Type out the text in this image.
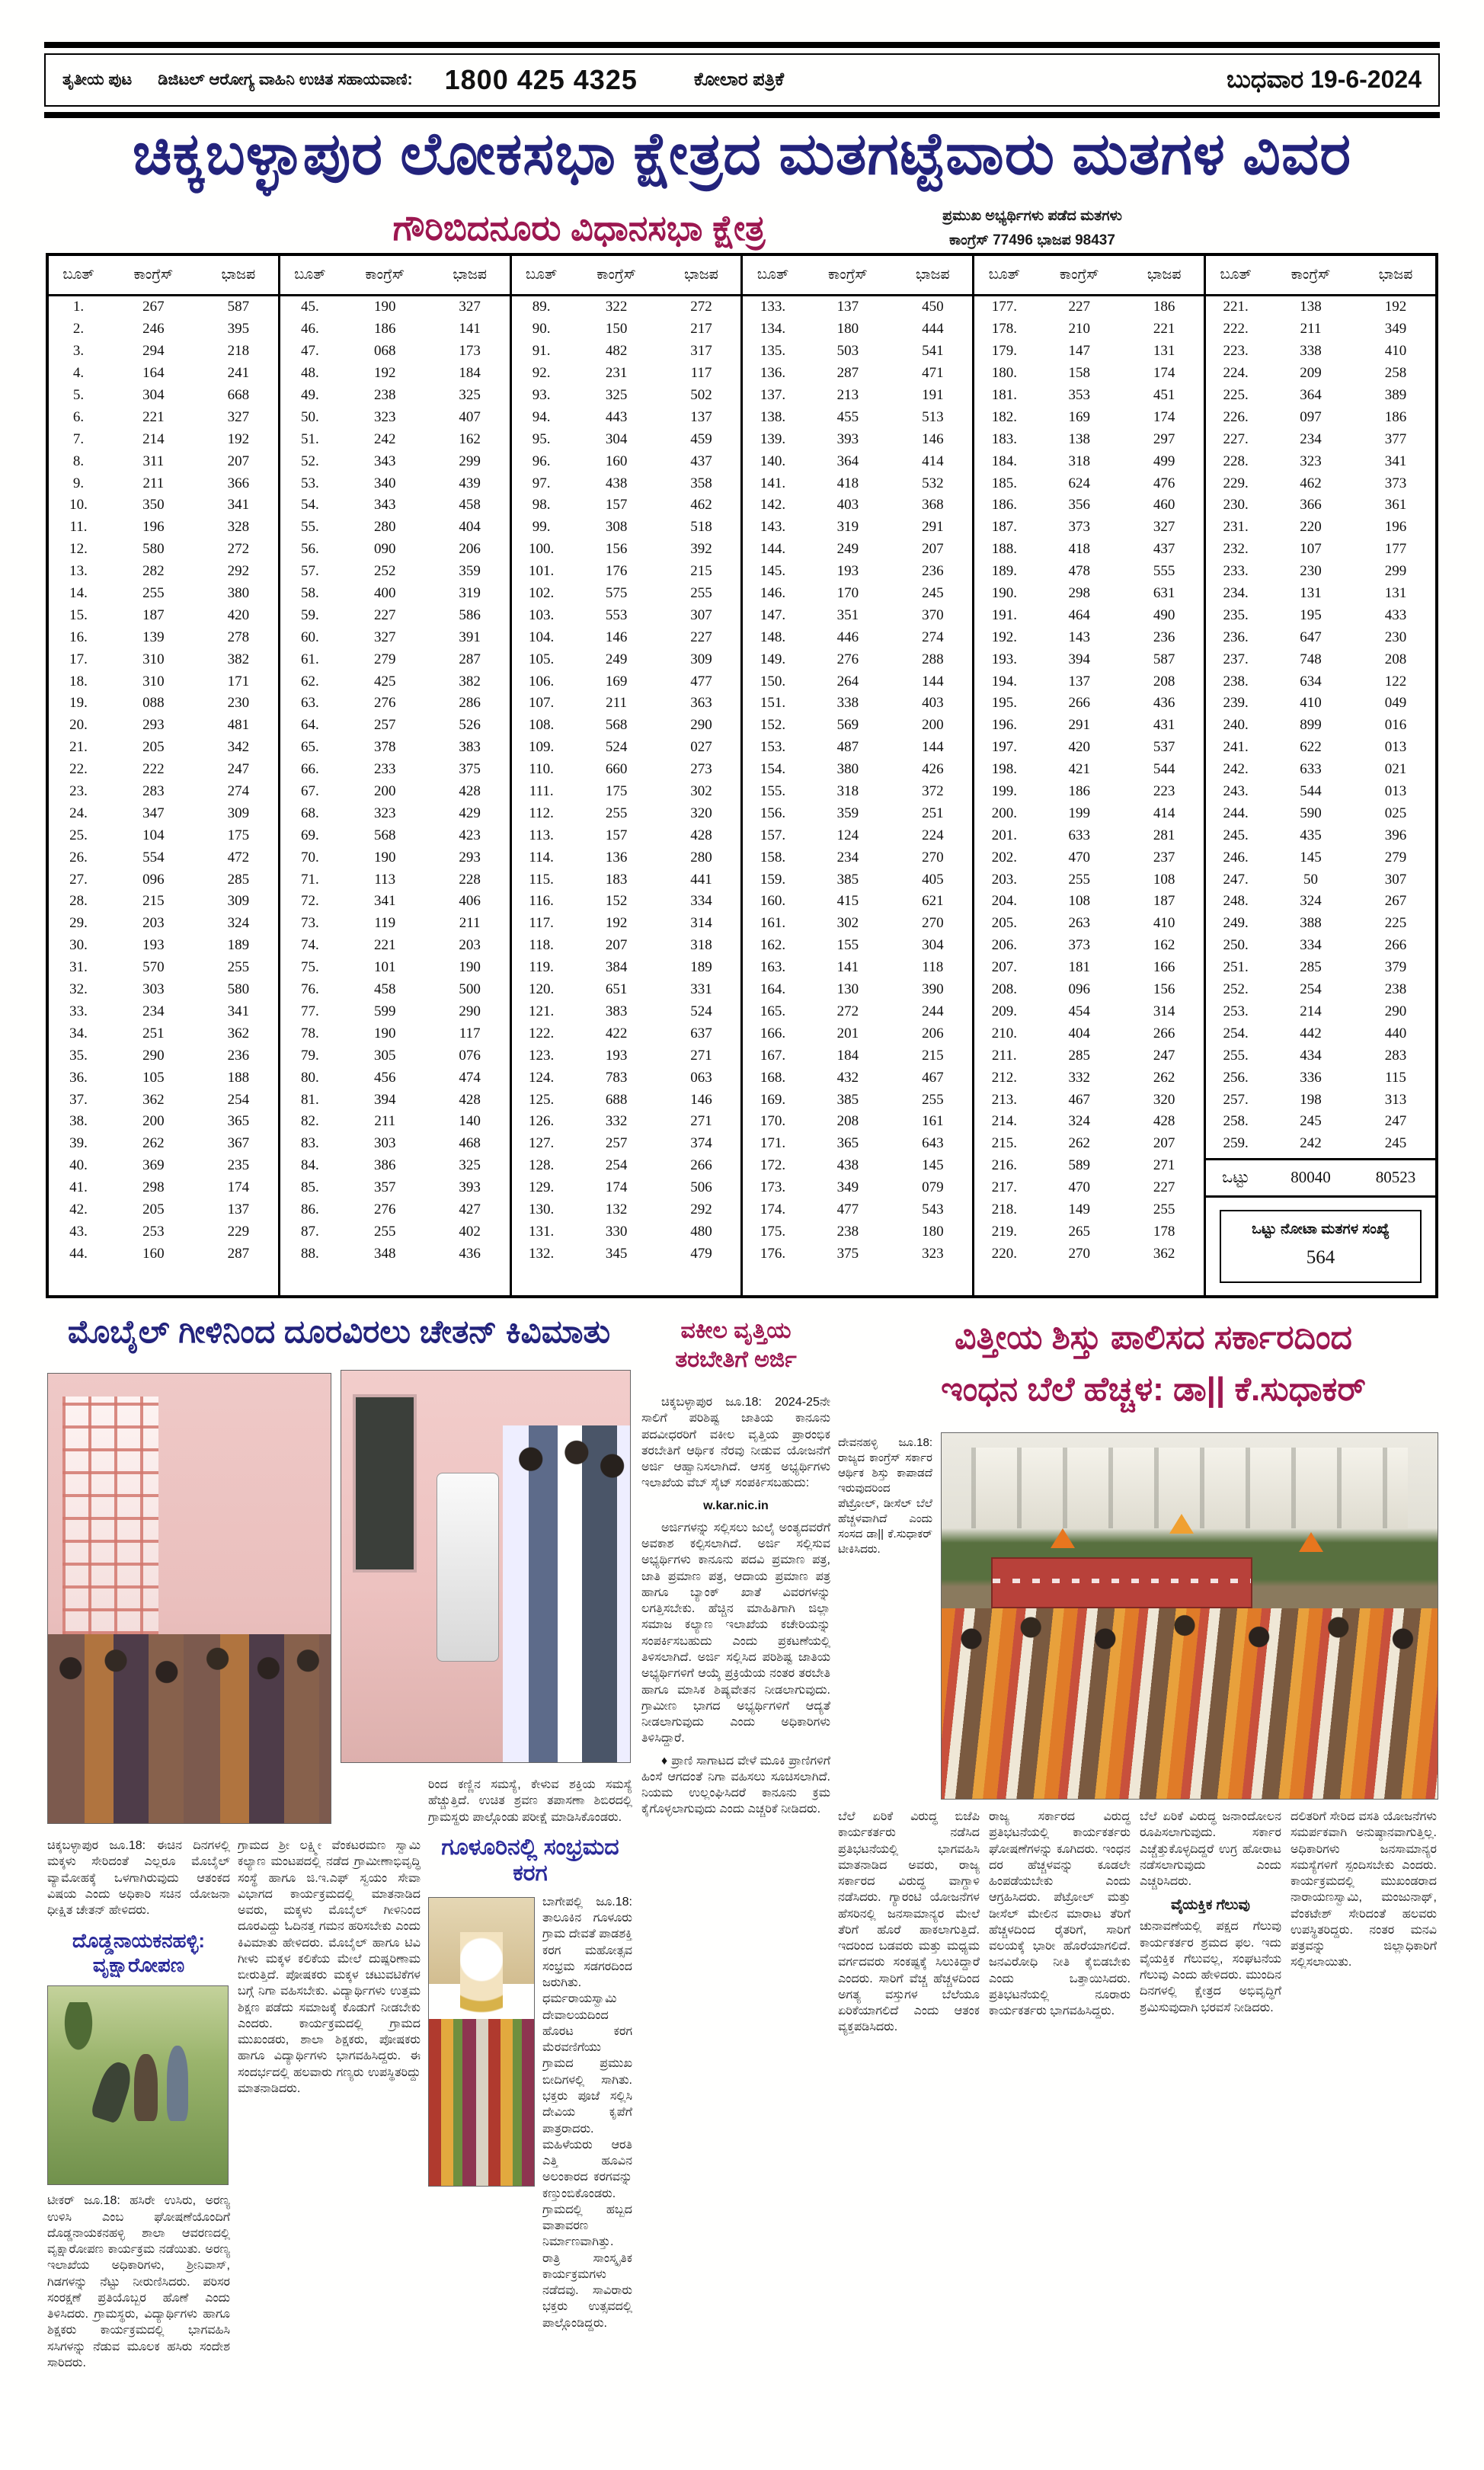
ತೃತೀಯ ಪುಟ ಡಿಜಿಟಲ್ ಆರೋಗ್ಯ ವಾಹಿನಿ ಉಚಿತ ಸಹಾಯವಾಣಿ: 1800 425 4325	ಕೋಲಾರ ಪತ್ರಿಕೆ	ಬುಧವಾರ 19-6-2024
ಚಿಕ್ಕಬಳ್ಳಾಪುರ ಲೋಕಸಭಾ ಕ್ಷೇತ್ರದ ಮತಗಟ್ಟೆವಾರು ಮತಗಳ ವಿವರ
ಗೌರಿಬಿದನೂರು ವಿಧಾನಸಭಾ ಕ್ಷೇತ್ರ	ಪ್ರಮುಖ ಅಭ್ಯರ್ಥಿಗಳು ಪಡೆದ ಮತಗಳು
ಕಾಂಗ್ರೆಸ್ 77496 ಭಾಜಪ 98437
ಬೂತ್	ಕಾಂಗ್ರೆಸ್	ಭಾಜಪ
1.	267	587
2.	246	395
3.	294	218
4.	164	241
5.	304	668
6.	221	327
7.	214	192
8.	311	207
9.	211	366
10.	350	341
11.	196	328
12.	580	272
13.	282	292
14.	255	380
15.	187	420
16.	139	278
17.	310	382
18.	310	171
19.	088	230
20.	293	481
21.	205	342
22.	222	247
23.	283	274
24.	347	309
25.	104	175
26.	554	472
27.	096	285
28.	215	309
29.	203	324
30.	193	189
31.	570	255
32.	303	580
33.	234	341
34.	251	362
35.	290	236
36.	105	188
37.	362	254
38.	200	365
39.	262	367
40.	369	235
41.	298	174
42.	205	137
43.	253	229
44.	160	287
ಬೂತ್	ಕಾಂಗ್ರೆಸ್	ಭಾಜಪ
45.	190	327
46.	186	141
47.	068	173
48.	192	184
49.	238	325
50.	323	407
51.	242	162
52.	343	299
53.	340	439
54.	343	458
55.	280	404
56.	090	206
57.	252	359
58.	400	319
59.	227	586
60.	327	391
61.	279	287
62.	425	382
63.	276	286
64.	257	526
65.	378	383
66.	233	375
67.	200	428
68.	323	429
69.	568	423
70.	190	293
71.	113	228
72.	341	406
73.	119	211
74.	221	203
75.	101	190
76.	458	500
77.	599	290
78.	190	117
79.	305	076
80.	456	474
81.	394	428
82.	211	140
83.	303	468
84.	386	325
85.	357	393
86.	276	427
87.	255	402
88.	348	436
ಬೂತ್	ಕಾಂಗ್ರೆಸ್	ಭಾಜಪ
89.	322	272
90.	150	217
91.	482	317
92.	231	117
93.	325	502
94.	443	137
95.	304	459
96.	160	437
97.	438	358
98.	157	462
99.	308	518
100.	156	392
101.	176	215
102.	575	255
103.	553	307
104.	146	227
105.	249	309
106.	169	477
107.	211	363
108.	568	290
109.	524	027
110.	660	273
111.	175	302
112.	255	320
113.	157	428
114.	136	280
115.	183	441
116.	152	334
117.	192	314
118.	207	318
119.	384	189
120.	651	331
121.	383	524
122.	422	637
123.	193	271
124.	783	063
125.	688	146
126.	332	271
127.	257	374
128.	254	266
129.	174	506
130.	132	292
131.	330	480
132.	345	479
ಬೂತ್	ಕಾಂಗ್ರೆಸ್	ಭಾಜಪ
133.	137	450
134.	180	444
135.	503	541
136.	287	471
137.	213	191
138.	455	513
139.	393	146
140.	364	414
141.	418	532
142.	403	368
143.	319	291
144.	249	207
145.	193	236
146.	170	245
147.	351	370
148.	446	274
149.	276	288
150.	264	144
151.	338	403
152.	569	200
153.	487	144
154.	380	426
155.	318	372
156.	359	251
157.	124	224
158.	234	270
159.	385	405
160.	415	621
161.	302	270
162.	155	304
163.	141	118
164.	130	390
165.	272	244
166.	201	206
167.	184	215
168.	432	467
169.	385	255
170.	208	161
171.	365	643
172.	438	145
173.	349	079
174.	477	543
175.	238	180
176.	375	323
ಬೂತ್	ಕಾಂಗ್ರೆಸ್	ಭಾಜಪ
177.	227	186
178.	210	221
179.	147	131
180.	158	174
181.	353	451
182.	169	174
183.	138	297
184.	318	499
185.	624	476
186.	356	460
187.	373	327
188.	418	437
189.	478	555
190.	298	631
191.	464	490
192.	143	236
193.	394	587
194.	137	208
195.	266	436
196.	291	431
197.	420	537
198.	421	544
199.	186	223
200.	199	414
201.	633	281
202.	470	237
203.	255	108
204.	108	187
205.	263	410
206.	373	162
207.	181	166
208.	096	156
209.	454	314
210.	404	266
211.	285	247
212.	332	262
213.	467	320
214.	324	428
215.	262	207
216.	589	271
217.	470	227
218.	149	255
219.	265	178
220.	270	362
ಬೂತ್	ಕಾಂಗ್ರೆಸ್	ಭಾಜಪ
221.	138	192
222.	211	349
223.	338	410
224.	209	258
225.	364	389
226.	097	186
227.	234	377
228.	323	341
229.	462	373
230.	366	361
231.	220	196
232.	107	177
233.	230	299
234.	131	131
235.	195	433
236.	647	230
237.	748	208
238.	634	122
239.	410	049
240.	899	016
241.	622	013
242.	633	021
243.	544	013
244.	590	025
245.	435	396
246.	145	279
247.	50	307
248.	324	267
249.	388	225
250.	334	266
251.	285	379
252.	254	238
253.	214	290
254.	442	440
255.	434	283
256.	336	115
257.	198	313
258.	245	247
259.	242	245
ಒಟ್ಟು	80040	80523
ಒಟ್ಟು ನೋಟಾ ಮತಗಳ ಸಂಖ್ಯೆ
564
ಮೊಬೈಲ್ ಗೀಳಿನಿಂದ ದೂರವಿರಲು ಚೇತನ್ ಕಿವಿಮಾತು
ಚಿಕ್ಕಬಳ್ಳಾಪುರ ಜೂ.18: ಈಚಿನ ದಿನಗಳಲ್ಲಿ ಮಕ್ಕಳು ಸೇರಿದಂತೆ ಎಲ್ಲರೂ ಮೊಬೈಲ್ ವ್ಯಾಮೋಹಕ್ಕೆ ಒಳಗಾಗಿರುವುದು ಆತಂಕದ ವಿಷಯ ಎಂದು ಅಧಿಕಾರಿ ಸಚಿನ ಯೋಜನಾ ಧೀಕ್ಷಿತ ಚೇತನ್ ಹೇಳಿದರು.
ದೊಡ್ಡನಾಯಕನಹಳ್ಳಿ: ವೃಕ್ಷಾರೋಪಣ
ಟೀಕರ್ ಜೂ.18: ಹಸಿರೇ ಉಸಿರು, ಅರಣ್ಯ ಉಳಿಸಿ ಎಂಬ ಘೋಷಣೆಯೊಂದಿಗೆ ದೊಡ್ಡನಾಯಕನಹಳ್ಳಿ ಶಾಲಾ ಆವರಣದಲ್ಲಿ ವೃಕ್ಷಾರೋಪಣ ಕಾರ್ಯಕ್ರಮ ನಡೆಯಿತು. ಅರಣ್ಯ ಇಲಾಖೆಯ ಅಧಿಕಾರಿಗಳು, ಶ್ರೀನಿವಾಸ್, ಗಿಡಗಳನ್ನು ನೆಟ್ಟು ನೀರುಣಿಸಿದರು. ಪರಿಸರ ಸಂರಕ್ಷಣೆ ಪ್ರತಿಯೊಬ್ಬರ ಹೊಣೆ ಎಂದು ತಿಳಿಸಿದರು. ಗ್ರಾಮಸ್ಥರು, ವಿದ್ಯಾರ್ಥಿಗಳು ಹಾಗೂ ಶಿಕ್ಷಕರು ಕಾರ್ಯಕ್ರಮದಲ್ಲಿ ಭಾಗವಹಿಸಿ ಸಸಿಗಳನ್ನು ನೆಡುವ ಮೂಲಕ ಹಸಿರು ಸಂದೇಶ ಸಾರಿದರು.
ಗ್ರಾಮದ ಶ್ರೀ ಲಕ್ಷ್ಮೀ ವೆಂಕಟರಮಣ ಸ್ವಾಮಿ ಕಲ್ಯಾಣ ಮಂಟಪದಲ್ಲಿ ನಡೆದ ಗ್ರಾಮೀಣಾಭಿವೃದ್ಧಿ ಸಂಸ್ಥೆ ಹಾಗೂ ಜಿ.ಇ.ಎಫ್ ಸ್ವಯಂ ಸೇವಾ ವಿಭಾಗದ ಕಾರ್ಯಕ್ರಮದಲ್ಲಿ ಮಾತನಾಡಿದ ಅವರು, ಮಕ್ಕಳು ಮೊಬೈಲ್ ಗೀಳಿನಿಂದ ದೂರವಿದ್ದು ಓದಿನತ್ತ ಗಮನ ಹರಿಸಬೇಕು ಎಂದು ಕಿವಿಮಾತು ಹೇಳಿದರು. ಮೊಬೈಲ್ ಹಾಗೂ ಟಿವಿ ಗೀಳು ಮಕ್ಕಳ ಕಲಿಕೆಯ ಮೇಲೆ ದುಷ್ಪರಿಣಾಮ ಬೀರುತ್ತಿದೆ. ಪೋಷಕರು ಮಕ್ಕಳ ಚಟುವಟಿಕೆಗಳ ಬಗ್ಗೆ ನಿಗಾ ವಹಿಸಬೇಕು. ವಿದ್ಯಾರ್ಥಿಗಳು ಉತ್ತಮ ಶಿಕ್ಷಣ ಪಡೆದು ಸಮಾಜಕ್ಕೆ ಕೊಡುಗೆ ನೀಡಬೇಕು ಎಂದರು. ಕಾರ್ಯಕ್ರಮದಲ್ಲಿ ಗ್ರಾಮದ ಮುಖಂಡರು, ಶಾಲಾ ಶಿಕ್ಷಕರು, ಪೋಷಕರು ಹಾಗೂ ವಿದ್ಯಾರ್ಥಿಗಳು ಭಾಗವಹಿಸಿದ್ದರು. ಈ ಸಂದರ್ಭದಲ್ಲಿ ಹಲವಾರು ಗಣ್ಯರು ಉಪಸ್ಥಿತರಿದ್ದು ಮಾತನಾಡಿದರು.
ರಿಂದ ಕಣ್ಣಿನ ಸಮಸ್ಯೆ, ಕೇಳುವ ಶಕ್ತಿಯ ಸಮಸ್ಯೆ ಹೆಚ್ಚುತ್ತಿದೆ. ಉಚಿತ ಶ್ರವಣ ತಪಾಸಣಾ ಶಿಬಿರದಲ್ಲಿ ಗ್ರಾಮಸ್ಥರು ಪಾಲ್ಗೊಂಡು ಪರೀಕ್ಷೆ ಮಾಡಿಸಿಕೊಂಡರು.
ಗೂಳೂರಿನಲ್ಲಿ ಸಂಭ್ರಮದ ಕರಗ
ಬಾಗೇಪಲ್ಲಿ ಜೂ.18: ತಾಲೂಕಿನ ಗೂಳೂರು ಗ್ರಾಮ ದೇವತೆ ಪಾಡಶಕ್ತಿ ಕರಗ ಮಹೋತ್ಸವ ಸಂಭ್ರಮ ಸಡಗರದಿಂದ ಜರುಗಿತು. ಧರ್ಮರಾಯಸ್ವಾಮಿ ದೇವಾಲಯದಿಂದ ಹೊರಟ ಕರಗ ಮೆರವಣಿಗೆಯು ಗ್ರಾಮದ ಪ್ರಮುಖ ಬೀದಿಗಳಲ್ಲಿ ಸಾಗಿತು. ಭಕ್ತರು ಪೂಜೆ ಸಲ್ಲಿಸಿ ದೇವಿಯ ಕೃಪೆಗೆ ಪಾತ್ರರಾದರು. ಮಹಿಳೆಯರು ಆರತಿ ಎತ್ತಿ ಹೂವಿನ ಅಲಂಕಾರದ ಕರಗವನ್ನು ಕಣ್ತುಂಬಿಕೊಂಡರು. ಗ್ರಾಮದಲ್ಲಿ ಹಬ್ಬದ ವಾತಾವರಣ ನಿರ್ಮಾಣವಾಗಿತ್ತು. ರಾತ್ರಿ ಸಾಂಸ್ಕೃತಿಕ ಕಾರ್ಯಕ್ರಮಗಳು ನಡೆದವು. ಸಾವಿರಾರು ಭಕ್ತರು ಉತ್ಸವದಲ್ಲಿ ಪಾಲ್ಗೊಂಡಿದ್ದರು.
ವಕೀಲ ವೃತ್ತಿಯ ತರಬೇತಿಗೆ ಅರ್ಜಿ

ಚಿಕ್ಕಬಳ್ಳಾಪುರ ಜೂ.18: 2024-25ನೇ ಸಾಲಿಗೆ ಪರಿಶಿಷ್ಟ ಜಾತಿಯ ಕಾನೂನು ಪದವೀಧರರಿಗೆ ವಕೀಲ ವೃತ್ತಿಯ ಪ್ರಾರಂಭಿಕ ತರಬೇತಿಗೆ ಆರ್ಥಿಕ ನೆರವು ನೀಡುವ ಯೋಜನೆಗೆ ಅರ್ಜಿ ಆಹ್ವಾನಿಸಲಾಗಿದೆ. ಆಸಕ್ತ ಅಭ್ಯರ್ಥಿಗಳು ಇಲಾಖೆಯ ವೆಬ್ ಸೈಟ್ ಸಂಪರ್ಕಿಸಬಹುದು:

w.kar.nic.in

ಅರ್ಜಿಗಳನ್ನು ಸಲ್ಲಿಸಲು ಜುಲೈ ಅಂತ್ಯದವರೆಗೆ ಅವಕಾಶ ಕಲ್ಪಿಸಲಾಗಿದೆ. ಅರ್ಜಿ ಸಲ್ಲಿಸುವ ಅಭ್ಯರ್ಥಿಗಳು ಕಾನೂನು ಪದವಿ ಪ್ರಮಾಣ ಪತ್ರ, ಜಾತಿ ಪ್ರಮಾಣ ಪತ್ರ, ಆದಾಯ ಪ್ರಮಾಣ ಪತ್ರ ಹಾಗೂ ಬ್ಯಾಂಕ್ ಖಾತೆ ವಿವರಗಳನ್ನು ಲಗತ್ತಿಸಬೇಕು. ಹೆಚ್ಚಿನ ಮಾಹಿತಿಗಾಗಿ ಜಿಲ್ಲಾ ಸಮಾಜ ಕಲ್ಯಾಣ ಇಲಾಖೆಯ ಕಚೇರಿಯನ್ನು ಸಂಪರ್ಕಿಸಬಹುದು ಎಂದು ಪ್ರಕಟಣೆಯಲ್ಲಿ ತಿಳಿಸಲಾಗಿದೆ. ಅರ್ಜಿ ಸಲ್ಲಿಸಿದ ಪರಿಶಿಷ್ಟ ಜಾತಿಯ ಅಭ್ಯರ್ಥಿಗಳಿಗೆ ಆಯ್ಕೆ ಪ್ರಕ್ರಿಯೆಯ ನಂತರ ತರಬೇತಿ ಹಾಗೂ ಮಾಸಿಕ ಶಿಷ್ಯವೇತನ ನೀಡಲಾಗುವುದು. ಗ್ರಾಮೀಣ ಭಾಗದ ಅಭ್ಯರ್ಥಿಗಳಿಗೆ ಆದ್ಯತೆ ನೀಡಲಾಗುವುದು ಎಂದು ಅಧಿಕಾರಿಗಳು ತಿಳಿಸಿದ್ದಾರೆ.

♦ ಪ್ರಾಣಿ ಸಾಗಾಟದ ವೇಳೆ ಮೂಕಿ ಪ್ರಾಣಿಗಳಿಗೆ ಹಿಂಸೆ ಆಗದಂತೆ ನಿಗಾ ವಹಿಸಲು ಸೂಚಿಸಲಾಗಿದೆ. ನಿಯಮ ಉಲ್ಲಂಘಿಸಿದರೆ ಕಾನೂನು ಕ್ರಮ ಕೈಗೊಳ್ಳಲಾಗುವುದು ಎಂದು ಎಚ್ಚರಿಕೆ ನೀಡಿದರು.

ವಿತ್ತೀಯ ಶಿಸ್ತು ಪಾಲಿಸದ ಸರ್ಕಾರದಿಂದ
ಇಂಧನ ಬೆಲೆ ಹೆಚ್ಚಳ: ಡಾ|| ಕೆ.ಸುಧಾಕರ್
ದೇವನಹಳ್ಳಿ ಜೂ.18: ರಾಜ್ಯದ ಕಾಂಗ್ರೆಸ್ ಸರ್ಕಾರ ಆರ್ಥಿಕ ಶಿಸ್ತು ಕಾಪಾಡದೆ ಇರುವುದರಿಂದ ಪೆಟ್ರೋಲ್, ಡೀಸೆಲ್ ಬೆಲೆ ಹೆಚ್ಚಳವಾಗಿದೆ ಎಂದು ಸಂಸದ ಡಾ|| ಕೆ.ಸುಧಾಕರ್ ಟೀಕಿಸಿದರು.
ಬೆಲೆ ಏರಿಕೆ ವಿರುದ್ಧ ಬಿಜೆಪಿ ಕಾರ್ಯಕರ್ತರು ನಡೆಸಿದ ಪ್ರತಿಭಟನೆಯಲ್ಲಿ ಭಾಗವಹಿಸಿ ಮಾತನಾಡಿದ ಅವರು, ರಾಜ್ಯ ಸರ್ಕಾರದ ವಿರುದ್ಧ ವಾಗ್ದಾಳಿ ನಡೆಸಿದರು. ಗ್ಯಾರಂಟಿ ಯೋಜನೆಗಳ ಹೆಸರಿನಲ್ಲಿ ಜನಸಾಮಾನ್ಯರ ಮೇಲೆ ತೆರಿಗೆ ಹೊರೆ ಹಾಕಲಾಗುತ್ತಿದೆ. ಇದರಿಂದ ಬಡವರು ಮತ್ತು ಮಧ್ಯಮ ವರ್ಗದವರು ಸಂಕಷ್ಟಕ್ಕೆ ಸಿಲುಕಿದ್ದಾರೆ ಎಂದರು. ಸಾರಿಗೆ ವೆಚ್ಚ ಹೆಚ್ಚಳದಿಂದ ಅಗತ್ಯ ವಸ್ತುಗಳ ಬೆಲೆಯೂ ಏರಿಕೆಯಾಗಲಿದೆ ಎಂದು ಆತಂಕ ವ್ಯಕ್ತಪಡಿಸಿದರು.
ರಾಜ್ಯ ಸರ್ಕಾರದ ವಿರುದ್ಧ ಪ್ರತಿಭಟನೆಯಲ್ಲಿ ಕಾರ್ಯಕರ್ತರು ಘೋಷಣೆಗಳನ್ನು ಕೂಗಿದರು. ಇಂಧನ ದರ ಹೆಚ್ಚಳವನ್ನು ಕೂಡಲೇ ಹಿಂಪಡೆಯಬೇಕು ಎಂದು ಆಗ್ರಹಿಸಿದರು. ಪೆಟ್ರೋಲ್ ಮತ್ತು ಡೀಸೆಲ್ ಮೇಲಿನ ಮಾರಾಟ ತೆರಿಗೆ ಹೆಚ್ಚಳದಿಂದ ರೈತರಿಗೆ, ಸಾರಿಗೆ ವಲಯಕ್ಕೆ ಭಾರೀ ಹೊರೆಯಾಗಲಿದೆ. ಜನವಿರೋಧಿ ನೀತಿ ಕೈಬಿಡಬೇಕು ಎಂದು ಒತ್ತಾಯಿಸಿದರು. ಪ್ರತಿಭಟನೆಯಲ್ಲಿ ನೂರಾರು ಕಾರ್ಯಕರ್ತರು ಭಾಗವಹಿಸಿದ್ದರು.
ಬೆಲೆ ಏರಿಕೆ ವಿರುದ್ಧ ಜನಾಂದೋಲನ ರೂಪಿಸಲಾಗುವುದು. ಸರ್ಕಾರ ಎಚ್ಚೆತ್ತುಕೊಳ್ಳದಿದ್ದರೆ ಉಗ್ರ ಹೋರಾಟ ನಡೆಸಲಾಗುವುದು ಎಂದು ಎಚ್ಚರಿಸಿದರು.
ವೈಯಕ್ತಿಕ ಗೆಲುವು
ಚುನಾವಣೆಯಲ್ಲಿ ಪಕ್ಷದ ಗೆಲುವು ಕಾರ್ಯಕರ್ತರ ಶ್ರಮದ ಫಲ. ಇದು ವೈಯಕ್ತಿಕ ಗೆಲುವಲ್ಲ, ಸಂಘಟನೆಯ ಗೆಲುವು ಎಂದು ಹೇಳಿದರು. ಮುಂದಿನ ದಿನಗಳಲ್ಲಿ ಕ್ಷೇತ್ರದ ಅಭಿವೃದ್ಧಿಗೆ ಶ್ರಮಿಸುವುದಾಗಿ ಭರವಸೆ ನೀಡಿದರು.
ದಲಿತರಿಗೆ ಸೇರಿದ ವಸತಿ ಯೋಜನೆಗಳು ಸಮರ್ಪಕವಾಗಿ ಅನುಷ್ಠಾನವಾಗುತ್ತಿಲ್ಲ. ಅಧಿಕಾರಿಗಳು ಜನಸಾಮಾನ್ಯರ ಸಮಸ್ಯೆಗಳಿಗೆ ಸ್ಪಂದಿಸಬೇಕು ಎಂದರು. ಕಾರ್ಯಕ್ರಮದಲ್ಲಿ ಮುಖಂಡರಾದ ನಾರಾಯಣಸ್ವಾಮಿ, ಮಂಜುನಾಥ್, ವೆಂಕಟೇಶ್ ಸೇರಿದಂತೆ ಹಲವರು ಉಪಸ್ಥಿತರಿದ್ದರು. ನಂತರ ಮನವಿ ಪತ್ರವನ್ನು ಜಿಲ್ಲಾಧಿಕಾರಿಗೆ ಸಲ್ಲಿಸಲಾಯಿತು.
